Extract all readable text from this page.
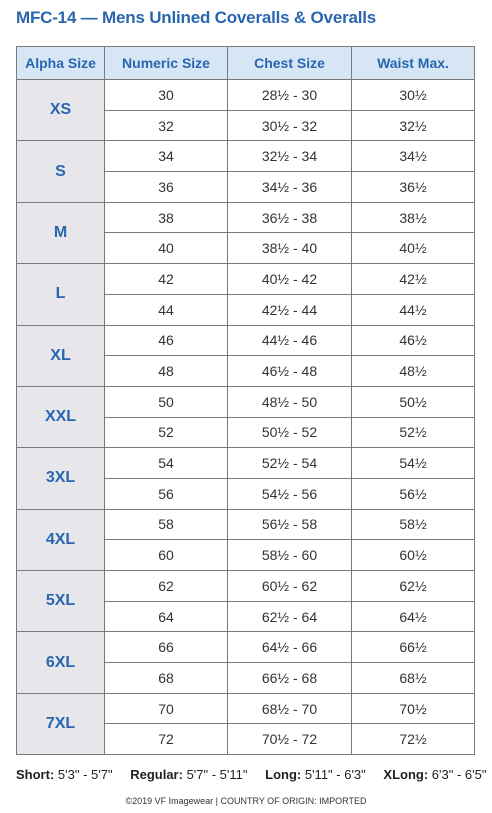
MFC-14 — Mens Unlined Coveralls & Overalls
Alpha Size	Numeric Size	Chest Size	Waist Max.
XS	30	28½ - 30	30½
	32	30½ - 32	32½
S	34	32½ - 34	34½
	36	34½ - 36	36½
M	38	36½ - 38	38½
	40	38½ - 40	40½
L	42	40½ - 42	42½
	44	42½ - 44	44½
XL	46	44½ - 46	46½
	48	46½ - 48	48½
XXL	50	48½ - 50	50½
	52	50½ - 52	52½
3XL	54	52½ - 54	54½
	56	54½ - 56	56½
4XL	58	56½ - 58	58½
	60	58½ - 60	60½
5XL	62	60½ - 62	62½
	64	62½ - 64	64½
6XL	66	64½ - 66	66½
	68	66½ - 68	68½
7XL	70	68½ - 70	70½
	72	70½ - 72	72½
Short: 5'3" - 5'7" Regular: 5'7" - 5'11" Long: 5'11" - 6'3" XLong: 6'3" - 6'5"
©2019 VF Imagewear | COUNTRY OF ORIGIN: IMPORTED
